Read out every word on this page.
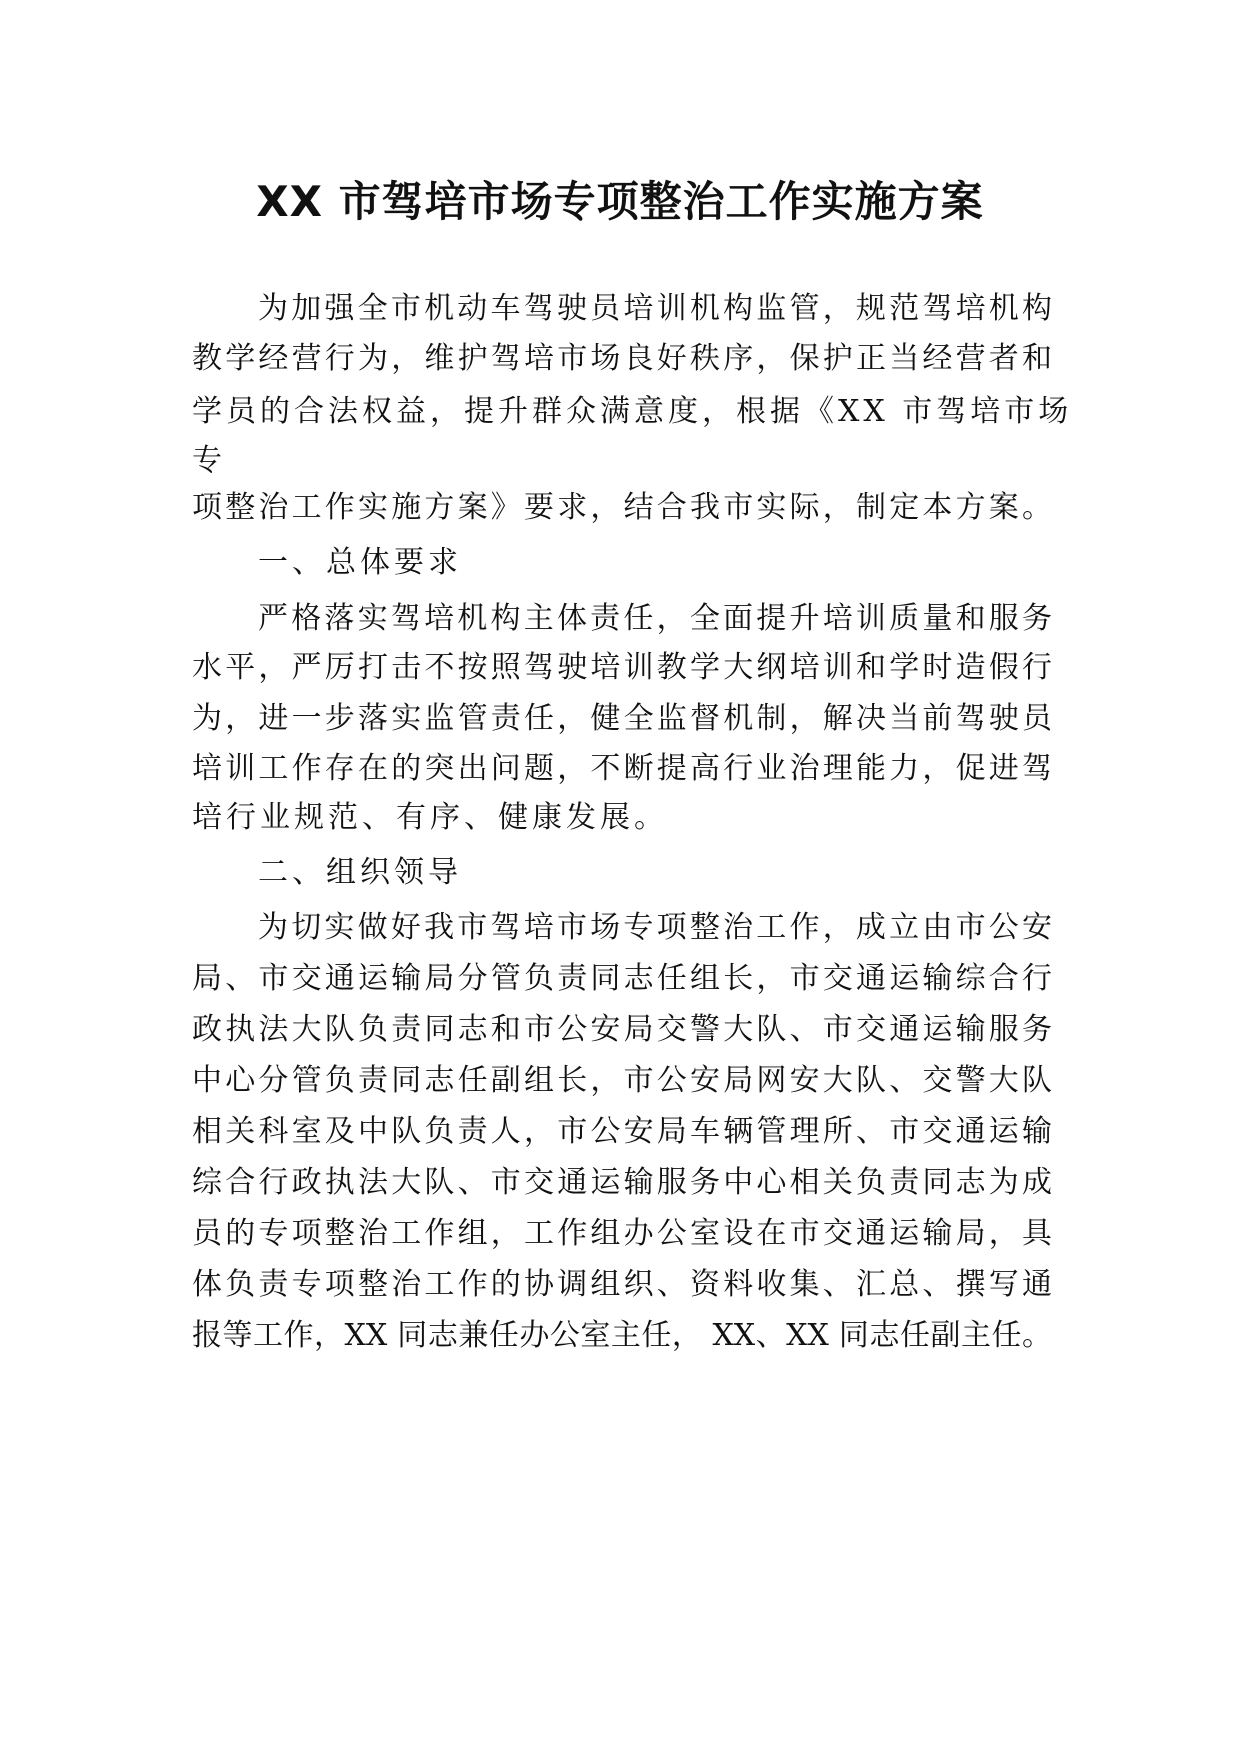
XX 市驾培市场专项整治工作实施方案

为加强全市机动车驾驶员培训机构监管，规范驾培机构

教学经营行为，维护驾培市场良好秩序，保护正当经营者和

学员的合法权益，提升群众满意度，根据《XX 市驾培市场

专

项整治工作实施方案》要求，结合我市实际，制定本方案。

一、总体要求

严格落实驾培机构主体责任，全面提升培训质量和服务

水平，严厉打击不按照驾驶培训教学大纲培训和学时造假行

为，进一步落实监管责任，健全监督机制，解决当前驾驶员

培训工作存在的突出问题，不断提高行业治理能力，促进驾

培行业规范、有序、健康发展。

二、组织领导

为切实做好我市驾培市场专项整治工作，成立由市公安

局、市交通运输局分管负责同志任组长，市交通运输综合行

政执法大队负责同志和市公安局交警大队、市交通运输服务

中心分管负责同志任副组长，市公安局网安大队、交警大队

相关科室及中队负责人，市公安局车辆管理所、市交通运输

综合行政执法大队、市交通运输服务中心相关负责同志为成

员的专项整治工作组，工作组办公室设在市交通运输局，具

体负责专项整治工作的协调组织、资料收集、汇总、撰写通

报等工作，XX 同志兼任办公室主任， XX、XX 同志任副主任。
